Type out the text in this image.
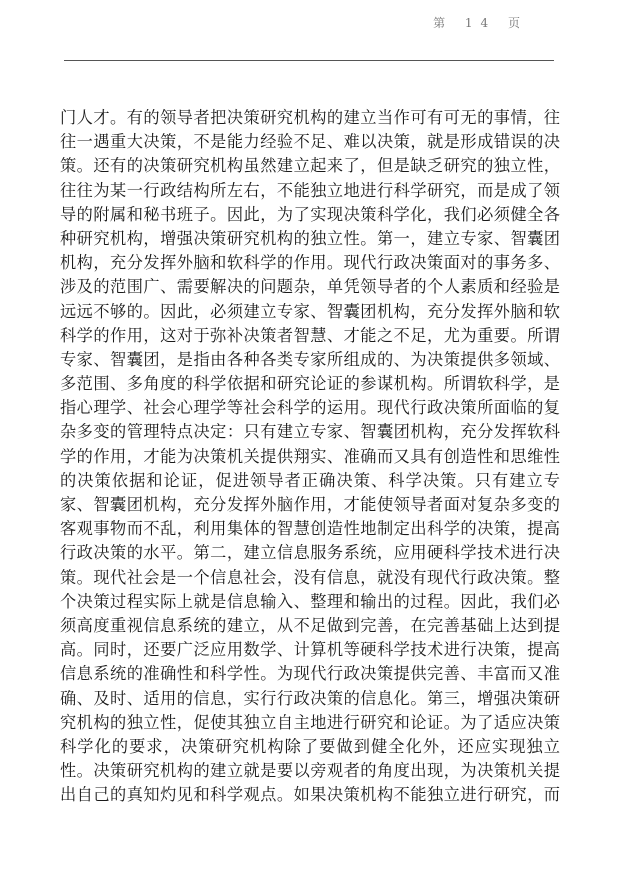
第 14 页
门人才。有的领导者把决策研究机构的建立当作可有可无的事情，往
往一遇重大决策，不是能力经验不足、难以决策，就是形成错误的决
策。还有的决策研究机构虽然建立起来了，但是缺乏研究的独立性，
往往为某一行政结构所左右，不能独立地进行科学研究，而是成了领
导的附属和秘书班子。因此，为了实现决策科学化，我们必须健全各
种研究机构，增强决策研究机构的独立性。第一，建立专家、智囊团
机构，充分发挥外脑和软科学的作用。现代行政决策面对的事务多、
涉及的范围广、需要解决的问题杂，单凭领导者的个人素质和经验是
远远不够的。因此，必须建立专家、智囊团机构，充分发挥外脑和软
科学的作用，这对于弥补决策者智慧、才能之不足，尤为重要。所谓
专家、智囊团，是指由各种各类专家所组成的、为决策提供多领域、
多范围、多角度的科学依据和研究论证的参谋机构。所谓软科学，是
指心理学、社会心理学等社会科学的运用。现代行政决策所面临的复
杂多变的管理特点决定：只有建立专家、智囊团机构，充分发挥软科
学的作用，才能为决策机关提供翔实、准确而又具有创造性和思维性
的决策依据和论证，促进领导者正确决策、科学决策。只有建立专
家、智囊团机构，充分发挥外脑作用，才能使领导者面对复杂多变的
客观事物而不乱，利用集体的智慧创造性地制定出科学的决策，提高
行政决策的水平。第二，建立信息服务系统，应用硬科学技术进行决
策。现代社会是一个信息社会，没有信息，就没有现代行政决策。整
个决策过程实际上就是信息输入、整理和输出的过程。因此，我们必
须高度重视信息系统的建立，从不足做到完善，在完善基础上达到提
高。同时，还要广泛应用数学、计算机等硬科学技术进行决策，提高
信息系统的准确性和科学性。为现代行政决策提供完善、丰富而又准
确、及时、适用的信息，实行行政决策的信息化。第三，增强决策研
究机构的独立性，促使其独立自主地进行研究和论证。为了适应决策
科学化的要求，决策研究机构除了要做到健全化外，还应实现独立
性。决策研究机构的建立就是要以旁观者的角度出现，为决策机关提
出自己的真知灼见和科学观点。如果决策机构不能独立进行研究，而
